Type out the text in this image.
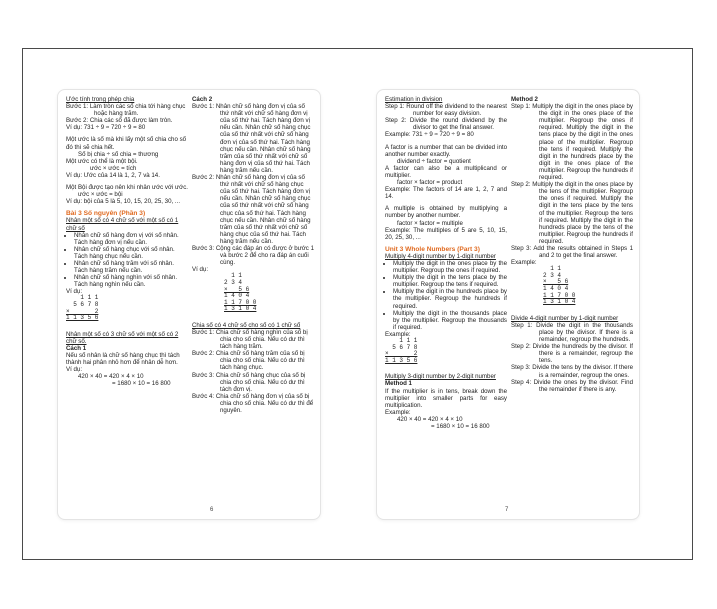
Ước tính trong phép chia

Bước 1: Làm tròn các số chia tới hàng chục hoặc hàng trăm.

Bước 2: Chia các số đã được làm tròn.

Ví dụ: 731 ÷ 9 ≈ 720 ÷ 9 = 80

Một ước là số mà khi lấy một số chia cho số đó thì sẽ chia hết.

Số bị chia ÷ số chia = thương

Một ước có thể là một bội.

ước × ước = tích

Ví dụ: Ước của 14 là 1, 2, 7 và 14.

Một Bội được tạo nên khi nhân ước với ước.

ước × ước = bội

Ví dụ: bội của 5 là 5, 10, 15, 20, 25, 30, ...

Bài 3 Số nguyên (Phần 3)

Nhân một số có 4 chữ số với một số có 1 chữ số

• Nhân chữ số hàng đơn vị với số nhân. Tách hàng đơn vị nếu cần.
• Nhân chữ số hàng chục với số nhân. Tách hàng chục nếu cần.
• Nhân chữ số hàng trăm với số nhân. Tách hàng trăm nếu cần.
• Nhân chữ số hàng nghìn với số nhân. Tách hàng nghìn nếu cần.

Ví dụ:

1 1 1
5 6 7 8
×       2
1 1 3 5 6

Nhân một số có 3 chữ số với một số có 2 chữ số.

Cách 1

Nếu số nhân là chữ số hàng chục thì tách thành hai phân nhỏ hơn để nhân dễ hơn.

Ví dụ:

420 × 40 = 420 × 4 × 10

= 1680 × 10 = 16 800

Cách 2

Bước 1: Nhân chữ số hàng đơn vị của số thứ nhất với chữ số hàng đơn vị của số thứ hai. Tách hàng đơn vị nếu cần. Nhân chữ số hàng chục của số thứ nhất với chữ số hàng đơn vị của số thứ hai. Tách hàng chục nếu cần. Nhân chữ số hàng trăm của số thứ nhất với chữ số hàng đơn vị của số thứ hai. Tách hàng trăm nếu cần.

Bước 2: Nhân chữ số hàng đơn vị của số thứ nhất với chữ số hàng chục của số thứ hai. Tách hàng đơn vị nếu cần. Nhân chữ số hàng chục của số thứ nhất với chữ số hàng chục của số thứ hai. Tách hàng chục nếu cần. Nhân chữ số hàng trăm của số thứ nhất với chữ số hàng chục của số thứ hai. Tách hàng trăm nếu cần.

Bước 3: Cộng các đáp án có được ở bước 1 và bước 2 để cho ra đáp án cuối cùng.

Ví dụ:

1 1
2 3 4
×   5 6
1 4 0 4
1 1 7 0 0
1 3 1 0 4

Chia số có 4 chữ số cho số có 1 chữ số

Bước 1: Chia chữ số hàng nghìn của số bị chia cho số chia. Nếu có dư thì tách hàng trăm.

Bước 2: Chia chữ số hàng trăm của số bị chia cho số chia. Nếu có dư thì tách hàng chục.

Bước 3: Chia chữ số hàng chục của số bị chia cho số chia. Nếu có dư thì tách đơn vị.

Bước 4: Chia chữ số hàng đơn vị của số bị chia cho số chia. Nếu có dư thì để nguyên.

6

Estimation in division

Step 1: Round off the dividend to the nearest number for easy division.

Step 2: Divide the round dividend by the divisor to get the final answer.

Example: 731 ÷ 9 ≈ 720 ÷ 9 = 80

A factor is a number that can be divided into another number exactly.

dividend ÷ factor = quotient

A factor can also be a multiplicand or multiplier.

factor × factor = product

Example: The factors of 14 are 1, 2, 7 and 14.

A multiple is obtained by multiplying a number by another number.

factor × factor = multiple

Example: The multiples of 5 are 5, 10, 15, 20, 25, 30, ...

Unit 3 Whole Numbers (Part 3)

Multiply 4-digit number by 1-digit number

• Multiply the digit in the ones place by the multiplier. Regroup the ones if required.
• Multiply the digit in the tens place by the multiplier. Regroup the tens if required.
• Multiply the digit in the hundreds place by the multiplier. Regroup the hundreds if required.
• Multiply the digit in the thousands place by the multiplier. Regroup the thousands if required.

Example:

1 1 1
5 6 7 8
×       2
1 1 3 5 6

Multiply 3-digit number by 2-digit number

Method 1

If the multiplier is in tens, break down the multiplier into smaller parts for easy multiplication.

Example:

420 × 40 = 420 × 4 × 10

= 1680 × 10 = 16 800

Method 2

Step 1: Multiply the digit in the ones place by the digit in the ones place of the multiplier. Regroup the ones if required. Multiply the digit in the tens place by the digit in the ones place of the multiplier. Regroup the tens if required. Multiply the digit in the hundreds place by the digit in the ones place of the multiplier. Regroup the hundreds if required.

Step 2: Multiply the digit in the ones place by the tens of the multiplier. Regroup the ones if required. Multiply the digit in the tens place by the tens of the multiplier. Regroup the tens if required. Multiply the digit in the hundreds place by the tens of the multiplier. Regroup the hundreds if required.

Step 3: Add the results obtained in Steps 1 and 2 to get the final answer.

Example:

1 1
2 3 4
×   5 6
1 4 0 4
1 1 7 0 0
1 3 1 0 4

Divide 4-digit number by 1-digit number

Step 1: Divide the digit in the thousands place by the divisor. If there is a remainder, regroup the hundreds.

Step 2: Divide the hundreds by the divisor. If there is a remainder, regroup the tens.

Step 3: Divide the tens by the divisor. If there is a remainder, regroup the ones.

Step 4: Divide the ones by the divisor. Find the remainder if there is any.

7
